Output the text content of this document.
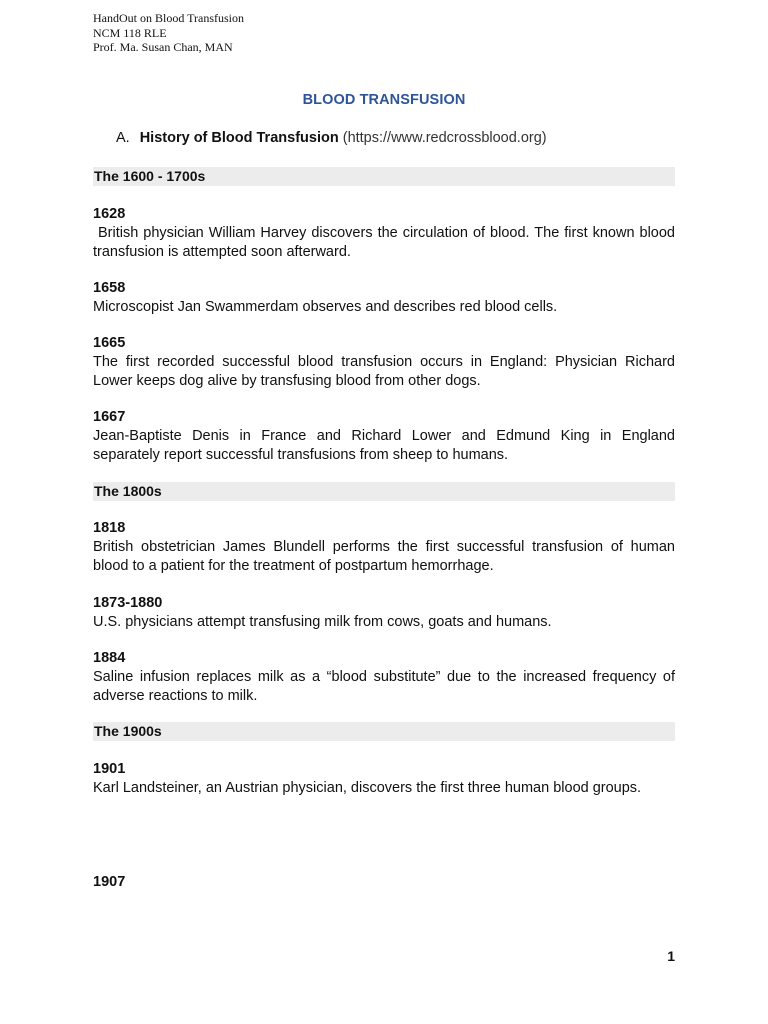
HandOut on Blood Transfusion
NCM 118 RLE
Prof. Ma. Susan Chan, MAN
BLOOD TRANSFUSION
A. History of Blood Transfusion (https://www.redcrossblood.org)
The 1600 - 1700s
1628
British physician William Harvey discovers the circulation of blood. The first known blood transfusion is attempted soon afterward.
1658
Microscopist Jan Swammerdam observes and describes red blood cells.
1665
The first recorded successful blood transfusion occurs in England: Physician Richard Lower keeps dog alive by transfusing blood from other dogs.
1667
Jean-Baptiste Denis in France and Richard Lower and Edmund King in England separately report successful transfusions from sheep to humans.
The 1800s
1818
British obstetrician James Blundell performs the first successful transfusion of human blood to a patient for the treatment of postpartum hemorrhage.
1873-1880
U.S. physicians attempt transfusing milk from cows, goats and humans.
1884
Saline infusion replaces milk as a “blood substitute” due to the increased frequency of adverse reactions to milk.
The 1900s
1901
Karl Landsteiner, an Austrian physician, discovers the first three human blood groups.
1907
1
